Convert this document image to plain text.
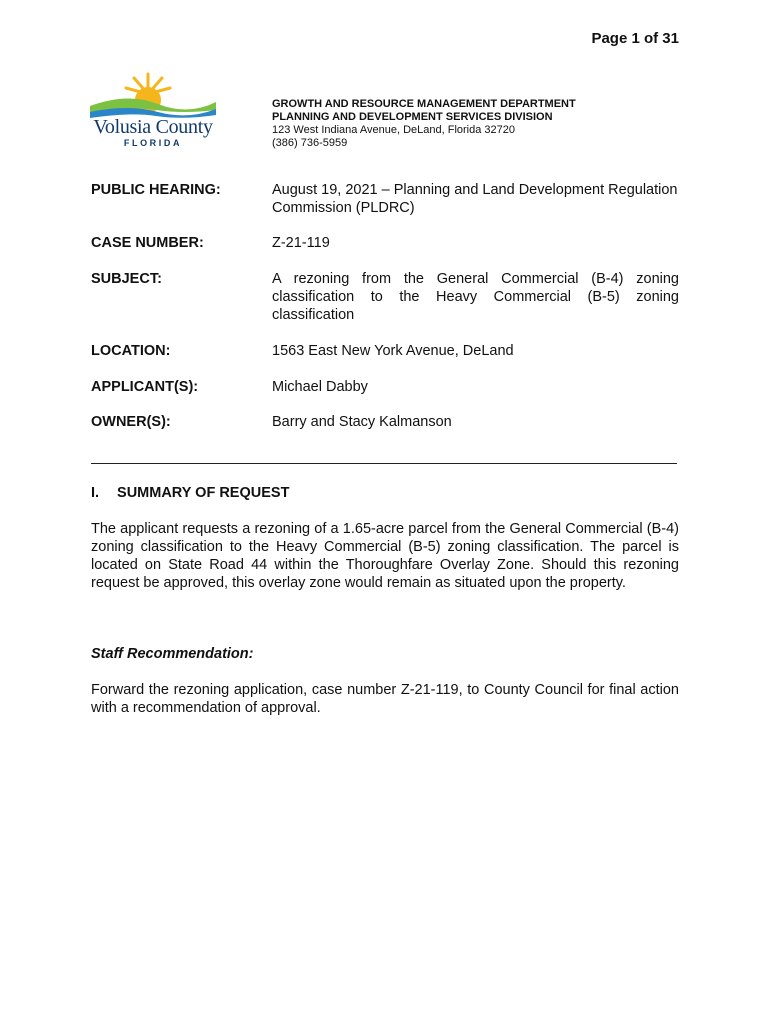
Page 1 of 31
Volusia County
FLORIDA
GROWTH AND RESOURCE MANAGEMENT DEPARTMENT
PLANNING AND DEVELOPMENT SERVICES DIVISION
123 West Indiana Avenue, DeLand, Florida 32720
(386) 736-5959
PUBLIC HEARING:	August 19, 2021 – Planning and Land Development Regulation Commission (PLDRC)
CASE NUMBER:	Z-21-119
SUBJECT:	A rezoning from the General Commercial (B-4) zoning classification to the Heavy Commercial (B-5) zoning classification
LOCATION:	1563 East New York Avenue, DeLand
APPLICANT(S):	Michael Dabby
OWNER(S):	Barry and Stacy Kalmanson
I. SUMMARY OF REQUEST
The applicant requests a rezoning of a 1.65-acre parcel from the General Commercial (B-4) zoning classification to the Heavy Commercial (B-5) zoning classification. The parcel is located on State Road 44 within the Thoroughfare Overlay Zone. Should this rezoning request be approved, this overlay zone would remain as situated upon the property.
Staff Recommendation:
Forward the rezoning application, case number Z-21-119, to County Council for final action with a recommendation of approval.
